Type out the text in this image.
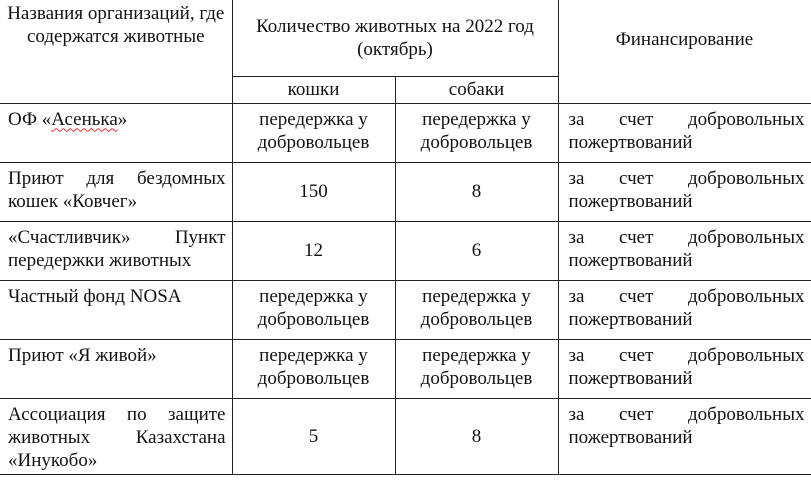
Названия организаций, где содержатся животные	Количество животных на 2022 год (октябрь)		Финансирование
	кошки	собаки	
ОФ «Асенька»	передержка у добровольцев	передержка у добровольцев	за счет добровольных пожертвований
Приют для бездомных кошек «Ковчег»	150	8	за счет добровольных пожертвований
«Счастливчик» Пункт передержки животных	12	6	за счет добровольных пожертвований
Частный фонд NOSA	передержка у добровольцев	передержка у добровольцев	за счет добровольных пожертвований
Приют «Я живой»	передержка у добровольцев	передержка у добровольцев	за счет добровольных пожертвований
Ассоциация по защите животных Казахстана «Инукобо»	5	8	за счет добровольных пожертвований
